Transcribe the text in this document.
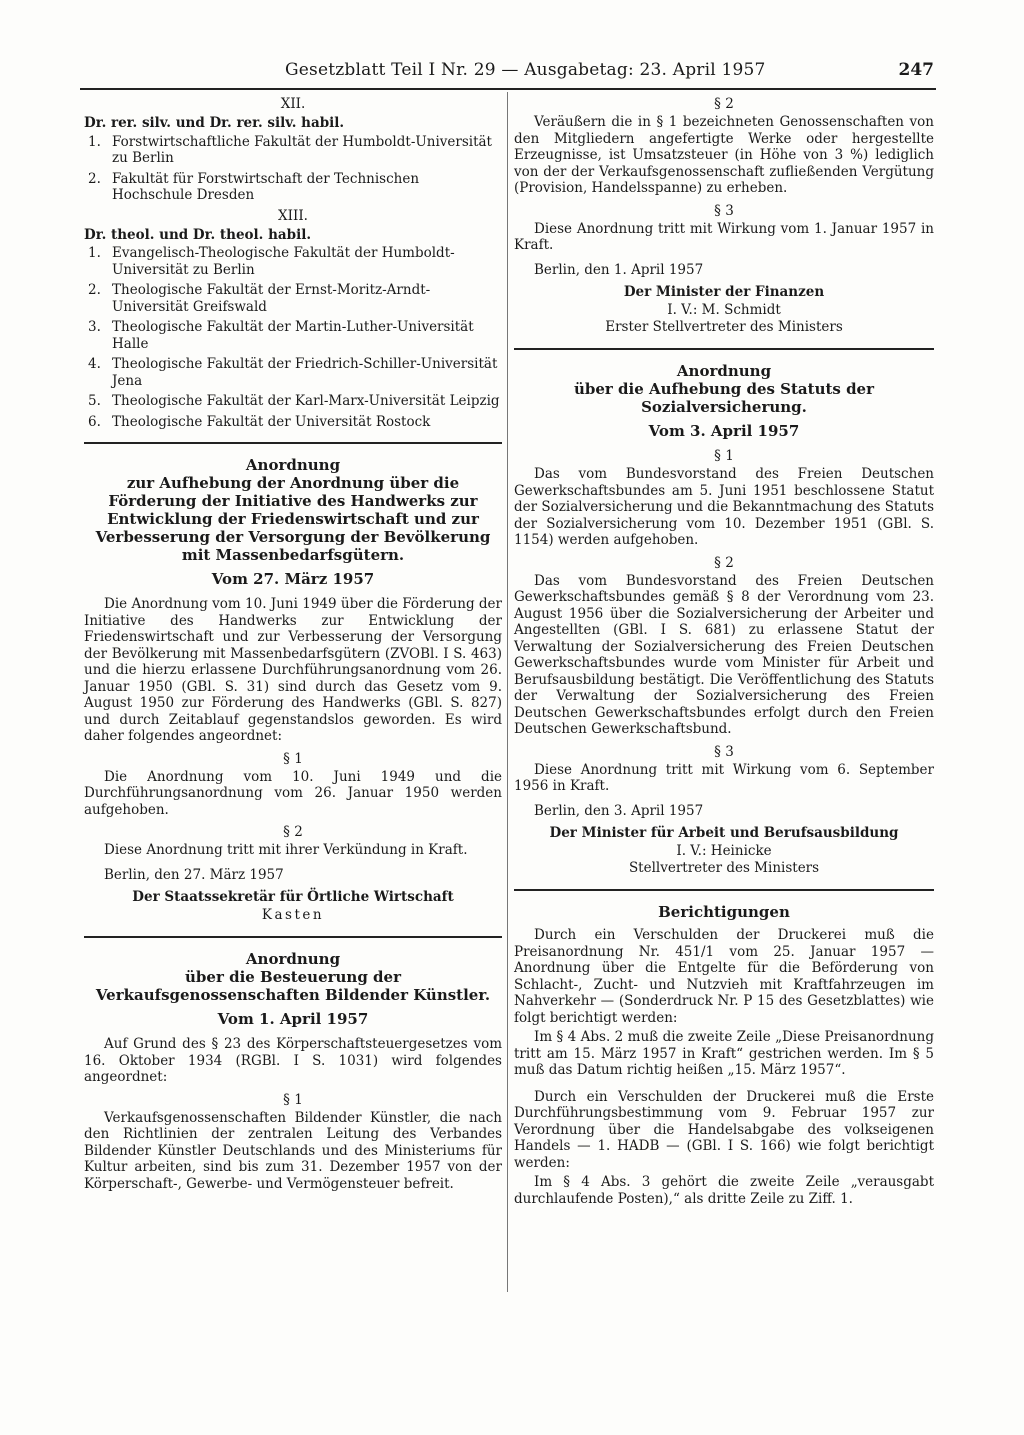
Gesetzblatt Teil I Nr. 29 — Ausgabetag: 23. April 1957	247

XII.

Dr. rer. silv. und Dr. rer. silv. habil.

1. Forstwirtschaftliche Fakultät der Humboldt-Universität zu Berlin
2. Fakultät für Forstwirtschaft der Technischen Hochschule Dresden

XIII.

Dr. theol. und Dr. theol. habil.

1. Evangelisch-Theologische Fakultät der Humboldt-Universität zu Berlin
2. Theologische Fakultät der Ernst-Moritz-Arndt-Universität Greifswald
3. Theologische Fakultät der Martin-Luther-Universität Halle
4. Theologische Fakultät der Friedrich-Schiller-Universität Jena
5. Theologische Fakultät der Karl-Marx-Universität Leipzig
6. Theologische Fakultät der Universität Rostock

Anordnung

zur Aufhebung der Anordnung über die Förderung der Initiative des Handwerks zur Entwicklung der Friedenswirtschaft und zur Verbesserung der Versorgung der Bevölkerung mit Massenbedarfsgütern.

Vom 27. März 1957

Die Anordnung vom 10. Juni 1949 über die Förderung der Initiative des Handwerks zur Entwicklung der Friedenswirtschaft und zur Verbesserung der Versorgung der Bevölkerung mit Massenbedarfsgütern (ZVOBl. I S. 463) und die hierzu erlassene Durchführungsanordnung vom 26. Januar 1950 (GBl. S. 31) sind durch das Gesetz vom 9. August 1950 zur Förderung des Handwerks (GBl. S. 827) und durch Zeitablauf gegenstandslos geworden. Es wird daher folgendes angeordnet:

§ 1

Die Anordnung vom 10. Juni 1949 und die Durchführungsanordnung vom 26. Januar 1950 werden aufgehoben.

§ 2

Diese Anordnung tritt mit ihrer Verkündung in Kraft.

Berlin, den 27. März 1957

Der Staatssekretär für Örtliche Wirtschaft

Kasten

Anordnung

über die Besteuerung der Verkaufsgenossenschaften Bildender Künstler.

Vom 1. April 1957

Auf Grund des § 23 des Körperschaftsteuergesetzes vom 16. Oktober 1934 (RGBl. I S. 1031) wird folgendes angeordnet:

§ 1

Verkaufsgenossenschaften Bildender Künstler, die nach den Richtlinien der zentralen Leitung des Verbandes Bildender Künstler Deutschlands und des Ministeriums für Kultur arbeiten, sind bis zum 31. Dezember 1957 von der Körperschaft-, Gewerbe- und Vermögensteuer befreit.

§ 2

Veräußern die in § 1 bezeichneten Genossenschaften von den Mitgliedern angefertigte Werke oder hergestellte Erzeugnisse, ist Umsatzsteuer (in Höhe von 3 %) lediglich von der der Verkaufsgenossenschaft zufließenden Vergütung (Provision, Handelsspanne) zu erheben.

§ 3

Diese Anordnung tritt mit Wirkung vom 1. Januar 1957 in Kraft.

Berlin, den 1. April 1957

Der Minister der Finanzen

I. V.: M. Schmidt

Erster Stellvertreter des Ministers

Anordnung

über die Aufhebung des Statuts der Sozialversicherung.

Vom 3. April 1957

§ 1

Das vom Bundesvorstand des Freien Deutschen Gewerkschaftsbundes am 5. Juni 1951 beschlossene Statut der Sozialversicherung und die Bekanntmachung des Statuts der Sozialversicherung vom 10. Dezember 1951 (GBl. S. 1154) werden aufgehoben.

§ 2

Das vom Bundesvorstand des Freien Deutschen Gewerkschaftsbundes gemäß § 8 der Verordnung vom 23. August 1956 über die Sozialversicherung der Arbeiter und Angestellten (GBl. I S. 681) zu erlassene Statut der Verwaltung der Sozialversicherung des Freien Deutschen Gewerkschaftsbundes wurde vom Minister für Arbeit und Berufsausbildung bestätigt. Die Veröffentlichung des Statuts der Verwaltung der Sozialversicherung des Freien Deutschen Gewerkschaftsbundes erfolgt durch den Freien Deutschen Gewerkschaftsbund.

§ 3

Diese Anordnung tritt mit Wirkung vom 6. September 1956 in Kraft.

Berlin, den 3. April 1957

Der Minister für Arbeit und Berufsausbildung

I. V.: Heinicke

Stellvertreter des Ministers

Berichtigungen

Durch ein Verschulden der Druckerei muß die Preisanordnung Nr. 451/1 vom 25. Januar 1957 — Anordnung über die Entgelte für die Beförderung von Schlacht-, Zucht- und Nutzvieh mit Kraftfahrzeugen im Nahverkehr — (Sonderdruck Nr. P 15 des Gesetzblattes) wie folgt berichtigt werden:

Im § 4 Abs. 2 muß die zweite Zeile „Diese Preisanordnung tritt am 15. März 1957 in Kraft“ gestrichen werden. Im § 5 muß das Datum richtig heißen „15. März 1957“.

Durch ein Verschulden der Druckerei muß die Erste Durchführungsbestimmung vom 9. Februar 1957 zur Verordnung über die Handelsabgabe des volkseigenen Handels — 1. HADB — (GBl. I S. 166) wie folgt berichtigt werden:

Im § 4 Abs. 3 gehört die zweite Zeile „verausgabt durchlaufende Posten),“ als dritte Zeile zu Ziff. 1.
